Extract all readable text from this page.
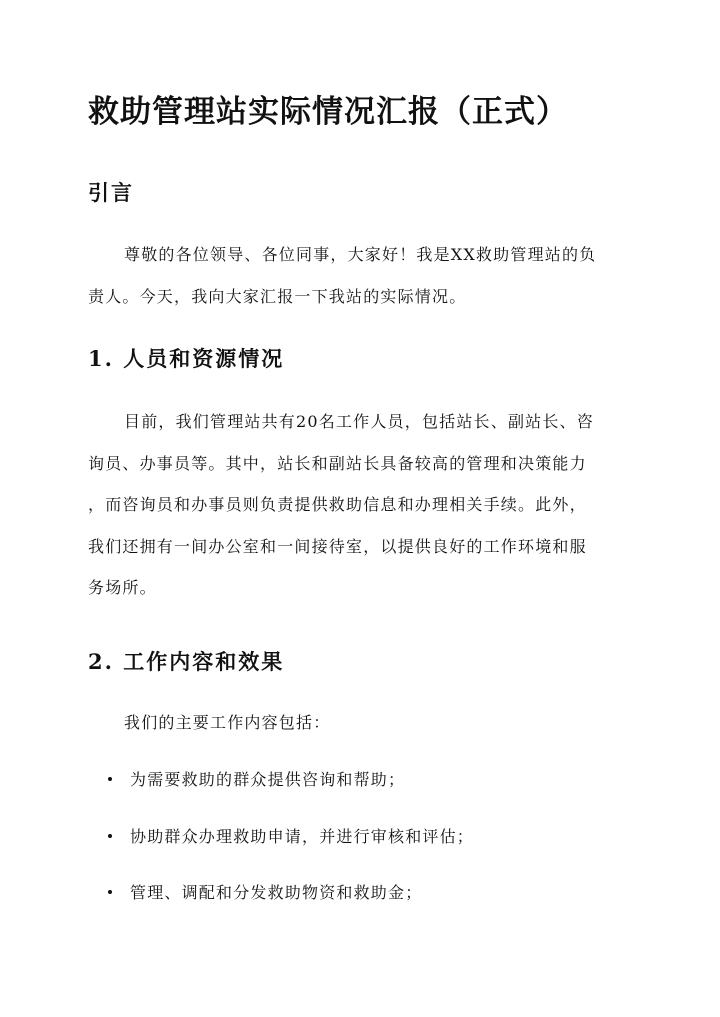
救助管理站实际情况汇报（正式）
引言
尊敬的各位领导、各位同事，大家好！我是XX救助管理站的负
责人。今天，我向大家汇报一下我站的实际情况。
1. 人员和资源情况
目前，我们管理站共有20名工作人员，包括站长、副站长、咨
询员、办事员等。其中，站长和副站长具备较高的管理和决策能力
，而咨询员和办事员则负责提供救助信息和办理相关手续。此外，
我们还拥有一间办公室和一间接待室，以提供良好的工作环境和服
务场所。
2. 工作内容和效果
我们的主要工作内容包括：
为需要救助的群众提供咨询和帮助；
协助群众办理救助申请，并进行审核和评估；
管理、调配和分发救助物资和救助金；
